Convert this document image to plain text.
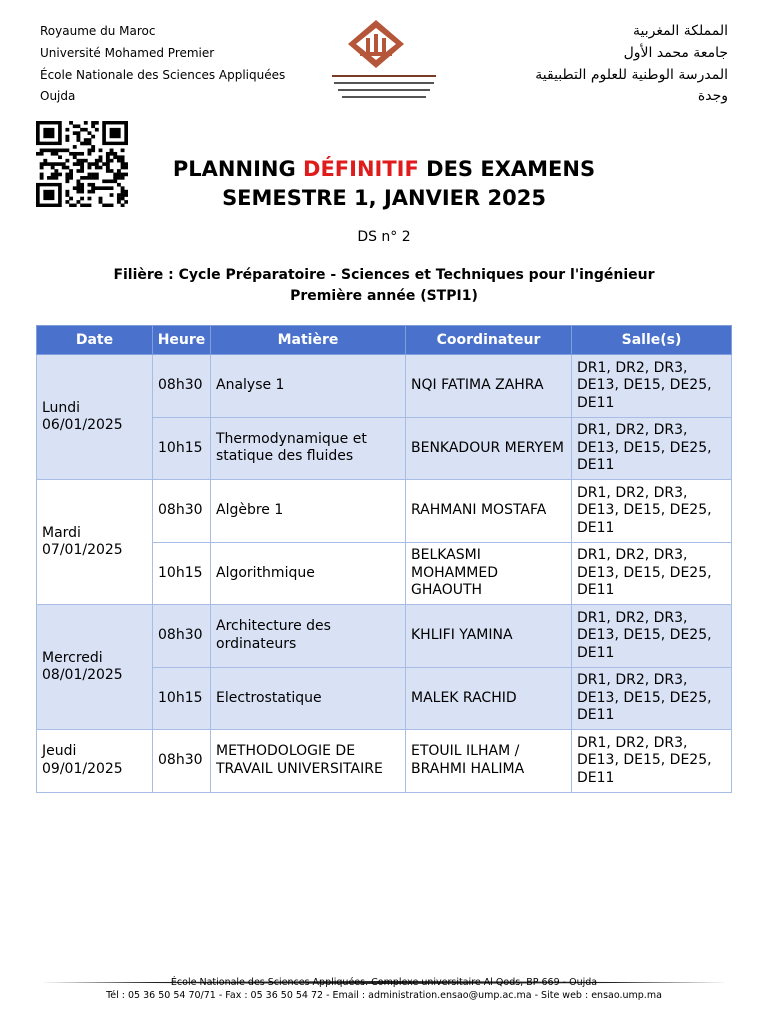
Royaume du Maroc
Université Mohamed Premier
École Nationale des Sciences Appliquées
Oujda
المملكة المغربية
جامعة محمد الأول
المدرسة الوطنية للعلوم التطبيقية
وجدة
PLANNING DÉFINITIF DES EXAMENS
SEMESTRE 1, JANVIER 2025
DS n° 2
Filière : Cycle Préparatoire - Sciences et Techniques pour l'ingénieur
Première année (STPI1)
Date	Heure	Matière	Coordinateur	Salle(s)
Lundi 06/01/2025	08h30	Analyse 1	NQI FATIMA ZAHRA	DR1, DR2, DR3, DE13, DE15, DE25, DE11
	10h15	Thermodynamique et statique des fluides	BENKADOUR MERYEM	DR1, DR2, DR3, DE13, DE15, DE25, DE11
Mardi 07/01/2025	08h30	Algèbre 1	RAHMANI MOSTAFA	DR1, DR2, DR3, DE13, DE15, DE25, DE11
	10h15	Algorithmique	BELKASMI MOHAMMED GHAOUTH	DR1, DR2, DR3, DE13, DE15, DE25, DE11
Mercredi 08/01/2025	08h30	Architecture des ordinateurs	KHLIFI YAMINA	DR1, DR2, DR3, DE13, DE15, DE25, DE11
	10h15	Electrostatique	MALEK RACHID	DR1, DR2, DR3, DE13, DE15, DE25, DE11
Jeudi 09/01/2025	08h30	METHODOLOGIE DE TRAVAIL UNIVERSITAIRE	ETOUIL ILHAM / BRAHMI HALIMA	DR1, DR2, DR3, DE13, DE15, DE25, DE11
École Nationale des Sciences Appliquées. Complexe universitaire Al Qods, BP 669 - Oujda
Tél : 05 36 50 54 70/71 - Fax : 05 36 50 54 72 - Email : administration.ensao@ump.ac.ma - Site web : ensao.ump.ma
